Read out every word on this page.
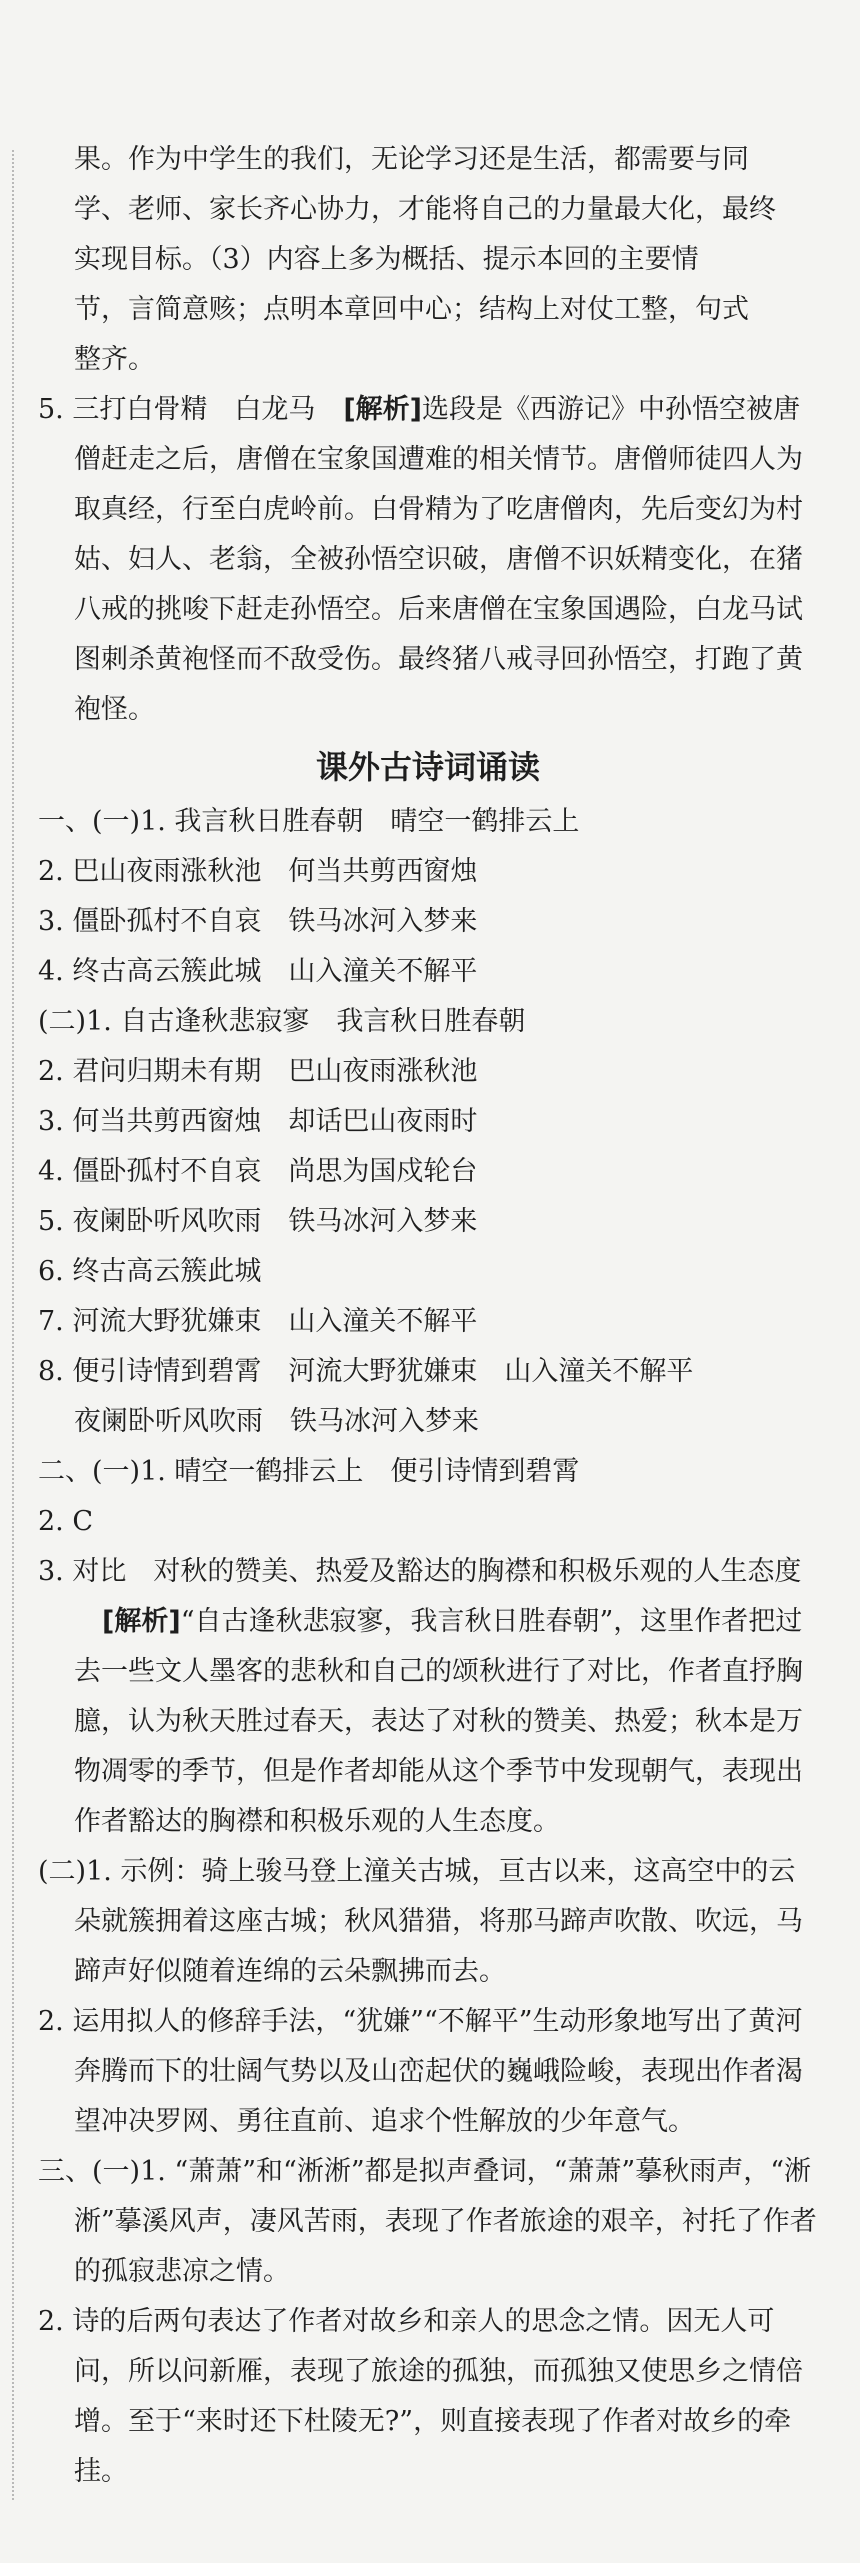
果。作为中学生的我们，无论学习还是生活，都需要与同

学、老师、家长齐心协力，才能将自己的力量最大化，最终

实现目标。（3）内容上多为概括、提示本回的主要情

节，言简意赅；点明本章回中心；结构上对仗工整，句式

整齐。

5. 三打白骨精　白龙马 [解析]选段是《西游记》中孙悟空被唐僧赶走之后，唐僧在宝象国遭难的相关情节。唐僧师徒四人为取真经，行至白虎岭前。白骨精为了吃唐僧肉，先后变幻为村姑、妇人、老翁，全被孙悟空识破，唐僧不识妖精变化，在猪八戒的挑唆下赶走孙悟空。后来唐僧在宝象国遇险，白龙马试图刺杀黄袍怪而不敌受伤。最终猪八戒寻回孙悟空，打跑了黄袍怪。
课外古诗词诵读

一、(一)1. 我言秋日胜春朝　晴空一鹤排云上

2. 巴山夜雨涨秋池　何当共剪西窗烛

3. 僵卧孤村不自哀　铁马冰河入梦来

4. 终古高云簇此城　山入潼关不解平

(二)1. 自古逢秋悲寂寥　我言秋日胜春朝

2. 君问归期未有期　巴山夜雨涨秋池

3. 何当共剪西窗烛　却话巴山夜雨时

4. 僵卧孤村不自哀　尚思为国戍轮台

5. 夜阑卧听风吹雨　铁马冰河入梦来

6. 终古高云簇此城

7. 河流大野犹嫌束　山入潼关不解平

8. 便引诗情到碧霄　河流大野犹嫌束　山入潼关不解平

夜阑卧听风吹雨　铁马冰河入梦来

二、(一)1. 晴空一鹤排云上　便引诗情到碧霄

2. C

3. 对比　对秋的赞美、热爱及豁达的胸襟和积极乐观的人生态度[解析]“自古逢秋悲寂寥，我言秋日胜春朝”，这里作者把过去一些文人墨客的悲秋和自己的颂秋进行了对比，作者直抒胸臆，认为秋天胜过春天，表达了对秋的赞美、热爱；秋本是万物凋零的季节，但是作者却能从这个季节中发现朝气，表现出作者豁达的胸襟和积极乐观的人生态度。

(二)1. 示例：骑上骏马登上潼关古城，亘古以来，这高空中的云朵就簇拥着这座古城；秋风猎猎，将那马蹄声吹散、吹远，马蹄声好似随着连绵的云朵飘拂而去。

2. 运用拟人的修辞手法，“犹嫌”“不解平”生动形象地写出了黄河奔腾而下的壮阔气势以及山峦起伏的巍峨险峻，表现出作者渴望冲决罗网、勇往直前、追求个性解放的少年意气。

三、(一)1. “萧萧”和“淅淅”都是拟声叠词，“萧萧”摹秋雨声，“淅淅”摹溪风声，凄风苦雨，表现了作者旅途的艰辛，衬托了作者的孤寂悲凉之情。

2. 诗的后两句表达了作者对故乡和亲人的思念之情。因无人可问，所以问新雁，表现了旅途的孤独，而孤独又使思乡之情倍增。至于“来时还下杜陵无?”，则直接表现了作者对故乡的牵挂。
